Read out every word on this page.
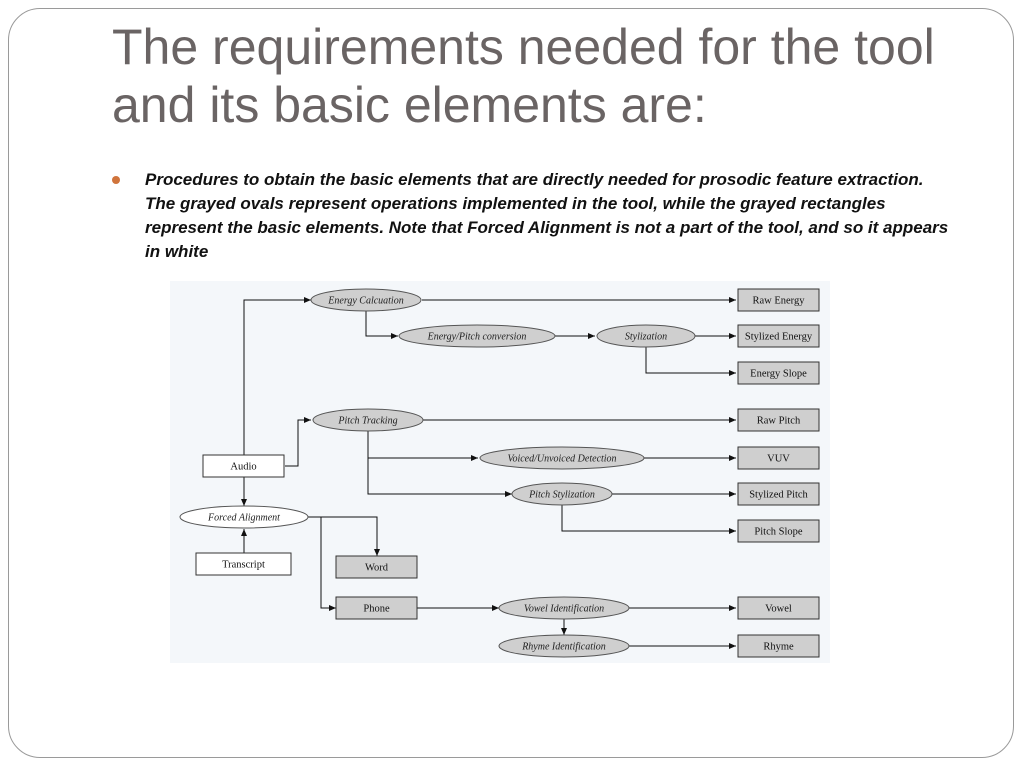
The requirements needed for the tool and its basic elements are:
Procedures to obtain the basic elements that are directly needed for prosodic feature extraction. The grayed ovals represent operations implemented in the tool, while the grayed rectangles represent the basic elements. Note that Forced Alignment is not a part of the tool, and so it appears in white
Energy Calcuation
Energy/Pitch conversion	Stylization
Pitch Tracking
Voiced/Unvoiced Detection
Pitch Stylization
Forced Alignment
Vowel Identification
Rhyme Identification
Raw Energy
Stylized Energy
Energy Slope
Raw Pitch
VUV
Stylized Pitch
Pitch Slope
Word
Phone	Vowel
Rhyme
Audio
Transcript
